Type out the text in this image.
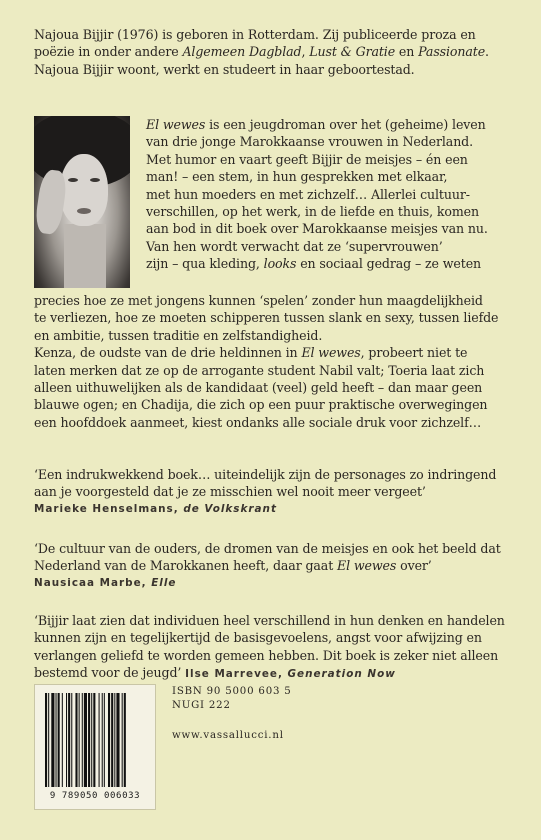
Najoua Bijjir (1976) is geboren in Rotterdam. Zij publiceerde proza en

poëzie in onder andere Algemeen Dagblad, Lust & Gratie en Passionate.

Najoua Bijjir woont, werkt en studeert in haar geboortestad.

El wewes is een jeugdroman over het (geheime) leven

van drie jonge Marokkaanse vrouwen in Nederland.

Met humor en vaart geeft Bijjir de meisjes – én een

man! – een stem, in hun gesprekken met elkaar,

met hun moeders en met zichzelf… Allerlei cultuur-

verschillen, op het werk, in de liefde en thuis, komen

aan bod in dit boek over Marokkaanse meisjes van nu.

Van hen wordt verwacht dat ze ‘supervrouwen’

zijn – qua kleding, looks en sociaal gedrag – ze weten

precies hoe ze met jongens kunnen ‘spelen’ zonder hun maagdelijkheid

te verliezen, hoe ze moeten schipperen tussen slank en sexy, tussen liefde

en ambitie, tussen traditie en zelfstandigheid.

Kenza, de oudste van de drie heldinnen in El wewes, probeert niet te

laten merken dat ze op de arrogante student Nabil valt; Toeria laat zich

alleen uithuwelijken als de kandidaat (veel) geld heeft – dan maar geen

blauwe ogen; en Chadija, die zich op een puur praktische overwegingen

een hoofddoek aanmeet, kiest ondanks alle sociale druk voor zichzelf…

‘Een indrukwekkend boek… uiteindelijk zijn de personages zo indringend

aan je voorgesteld dat je ze misschien wel nooit meer vergeet’

Marieke Henselmans, de Volkskrant

‘De cultuur van de ouders, de dromen van de meisjes en ook het beeld dat

Nederland van de Marokkanen heeft, daar gaat El wewes over’

Nausicaa Marbe, Elle

‘Bijjir laat zien dat individuen heel verschillend in hun denken en handelen

kunnen zijn en tegelijkertijd de basisgevoelens, angst voor afwijzing en

verlangen geliefd te worden gemeen hebben. Dit boek is zeker niet alleen

bestemd voor de jeugd’ Ilse Marrevee, Generation Now

9 789050 006033
ISBN 90 5000 603 5
NUGI 222
www.vassallucci.nl
